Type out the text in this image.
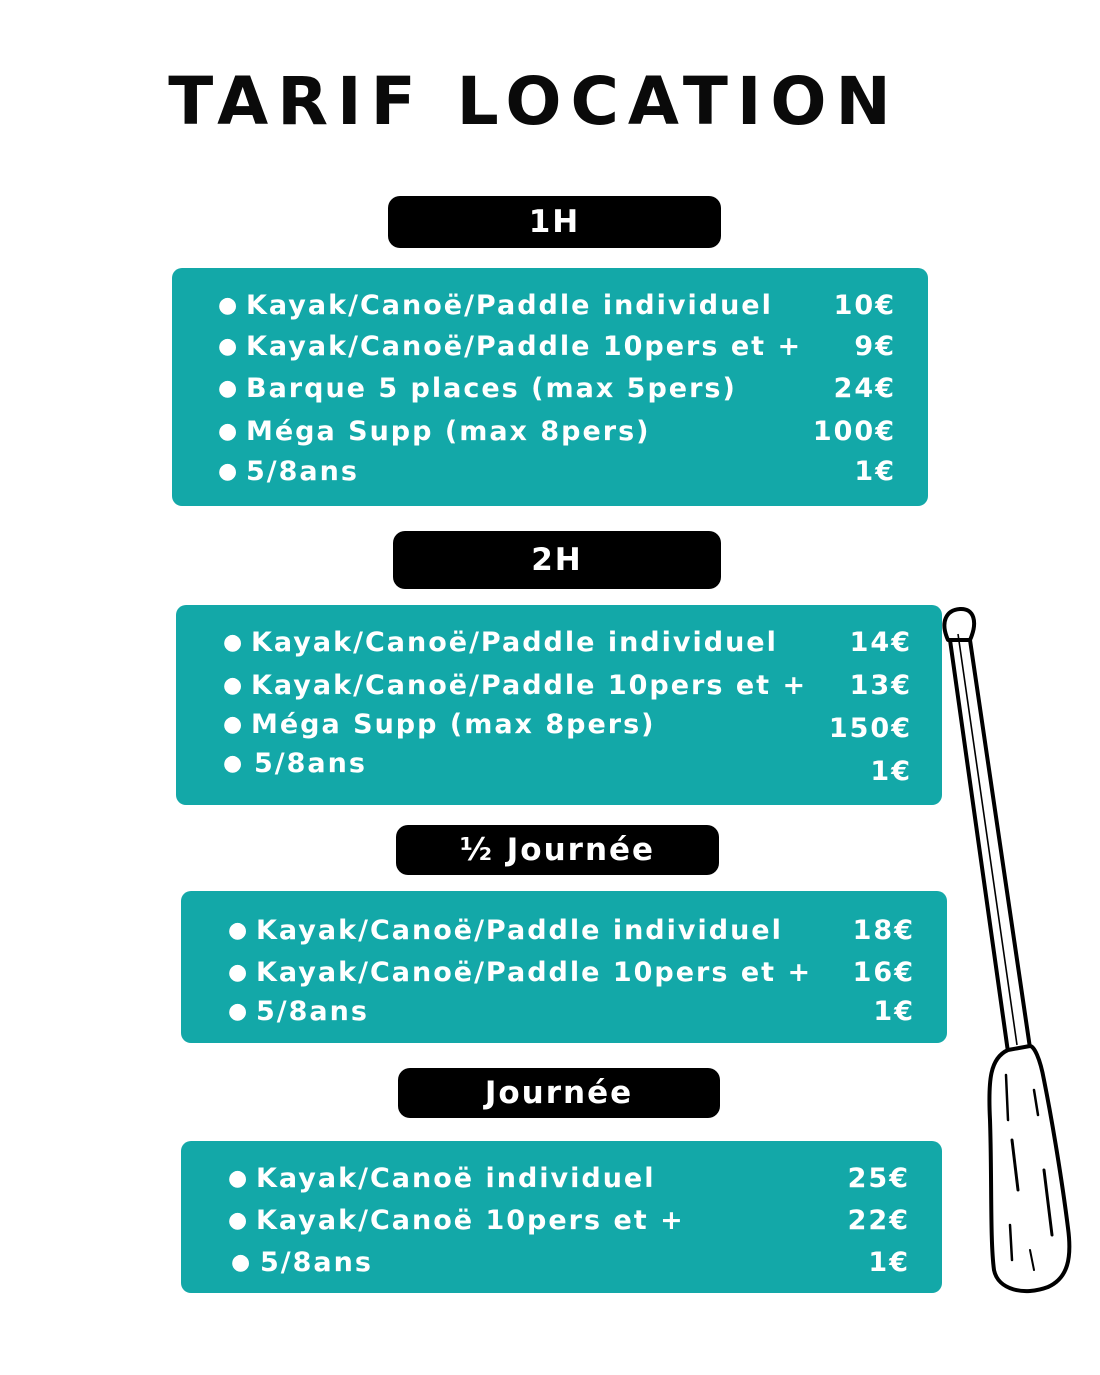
TARIF LOCATION
1H
● Kayak/Canoë/Paddle individuel 10€
● Kayak/Canoë/Paddle 10pers et + 9€
● Barque 5 places (max 5pers)	24€
● Méga Supp (max 8pers)	100€
● 5/8ans	1€
2H
● Kayak/Canoë/Paddle individuel	14€
● Kayak/Canoë/Paddle 10pers et + 13€
● Méga Supp (max 8pers)	150€
● 5/8ans	1€
½ Journée
● Kayak/Canoë/Paddle individuel	18€
● Kayak/Canoë/Paddle 10pers et + 16€
● 5/8ans	1€
Journée
● Kayak/Canoë individuel	25€
● Kayak/Canoë 10pers et +	22€
● 5/8ans	1€
